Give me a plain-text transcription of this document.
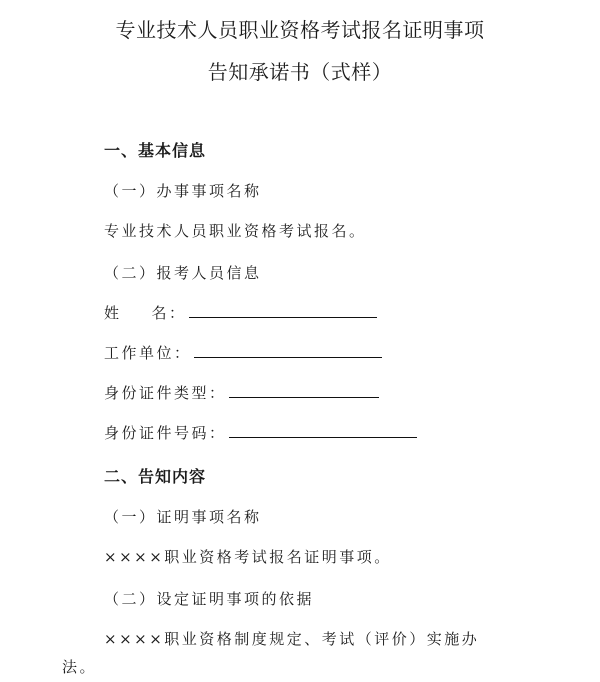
专业技术人员职业资格考试报名证明事项
告知承诺书（式样）
一、基本信息
（一）办事事项名称
专业技术人员职业资格考试报名。
（二）报考人员信息
姓 名：
工作单位：
身份证件类型：
身份证件号码：
二、告知内容
（一）证明事项名称
××××职业资格考试报名证明事项。
（二）设定证明事项的依据
××××职业资格制度规定、考试（评价）实施办
法。
